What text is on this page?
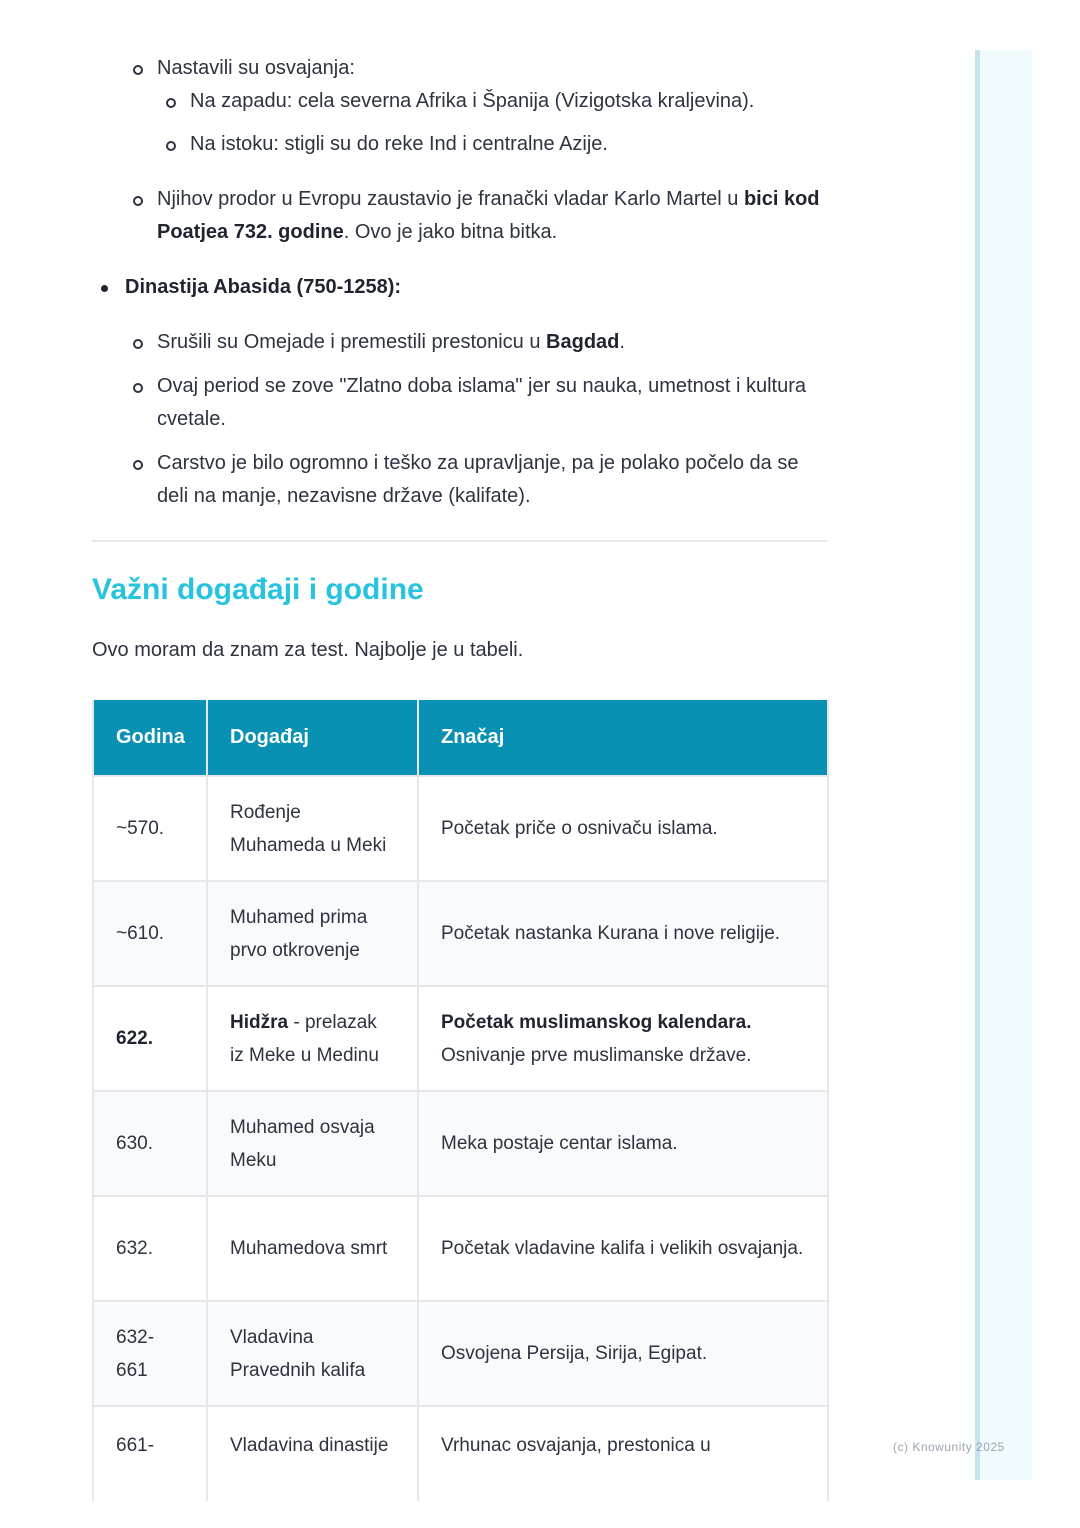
Nastavili su osvajanja:
Na zapadu: cela severna Afrika i Španija (Vizigotska kraljevina).
Na istoku: stigli su do reke Ind i centralne Azije.
Njihov prodor u Evropu zaustavio je franački vladar Karlo Martel u bici kod Poatjea 732. godine. Ovo je jako bitna bitka.
Dinastija Abasida (750-1258):
Srušili su Omejade i premestili prestonicu u Bagdad.
Ovaj period se zove "Zlatno doba islama" jer su nauka, umetnost i kultura cvetale.
Carstvo je bilo ogromno i teško za upravljanje, pa je polako počelo da se deli na manje, nezavisne države (kalifate).
Važni događaji i godine

Ovo moram da znam za test. Najbolje je u tabeli.

Godina	Događaj	Značaj
~570.	Rođenje Muhameda u Meki	Početak priče o osnivaču islama.
~610.	Muhamed prima prvo otkrovenje	Početak nastanka Kurana i nove religije.
622.	Hidžra - prelazak iz Meke u Medinu	Početak muslimanskog kalendara.
Osnivanje prve muslimanske države.
630.	Muhamed osvaja Meku	Meka postaje centar islama.
632.	Muhamedova smrt	Početak vladavine kalifa i velikih osvajanja.
632-661	Vladavina Pravednih kalifa	Osvojena Persija, Sirija, Egipat.
661-	Vladavina dinastije	Vrhunac osvajanja, prestonica u	(c) Knowunity 2025
